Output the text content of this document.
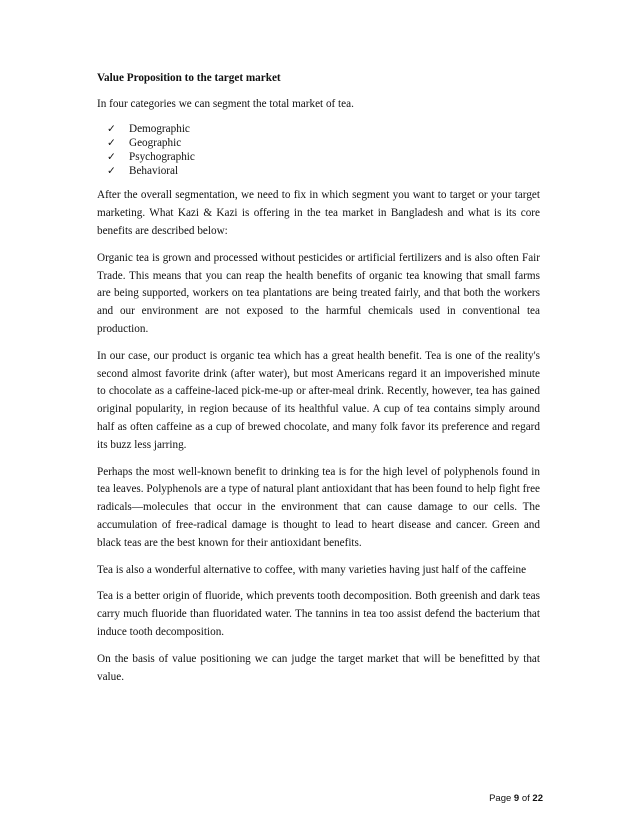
Value Proposition to the target market

In four categories we can segment the total market of tea.

✓	Demographic
✓	Geographic
✓	Psychographic
✓	Behavioral

After the overall segmentation, we need to fix in which segment you want to target or your target marketing. What Kazi & Kazi is offering in the tea market in Bangladesh and what is its core benefits are described below:

Organic tea is grown and processed without pesticides or artificial fertilizers and is also often Fair Trade. This means that you can reap the health benefits of organic tea knowing that small farms are being supported, workers on tea plantations are being treated fairly, and that both the workers and our environment are not exposed to the harmful chemicals used in conventional tea production.

In our case, our product is organic tea which has a great health benefit. Tea is one of the reality's second almost favorite drink (after water), but most Americans regard it an impoverished minute to chocolate as a caffeine-laced pick-me-up or after-meal drink. Recently, however, tea has gained original popularity, in region because of its healthful value. A cup of tea contains simply around half as often caffeine as a cup of brewed chocolate, and many folk favor its preference and regard its buzz less jarring.

Perhaps the most well-known benefit to drinking tea is for the high level of polyphenols found in tea leaves. Polyphenols are a type of natural plant antioxidant that has been found to help fight free radicals—molecules that occur in the environment that can cause damage to our cells. The accumulation of free-radical damage is thought to lead to heart disease and cancer. Green and black teas are the best known for their antioxidant benefits.

Tea is also a wonderful alternative to coffee, with many varieties having just half of the caffeine

Tea is a better origin of fluoride, which prevents tooth decomposition. Both greenish and dark teas carry much fluoride than fluoridated water. The tannins in tea too assist defend the bacterium that induce tooth decomposition.

On the basis of value positioning we can judge the target market that will be benefitted by that value.

Page 9 of 22
